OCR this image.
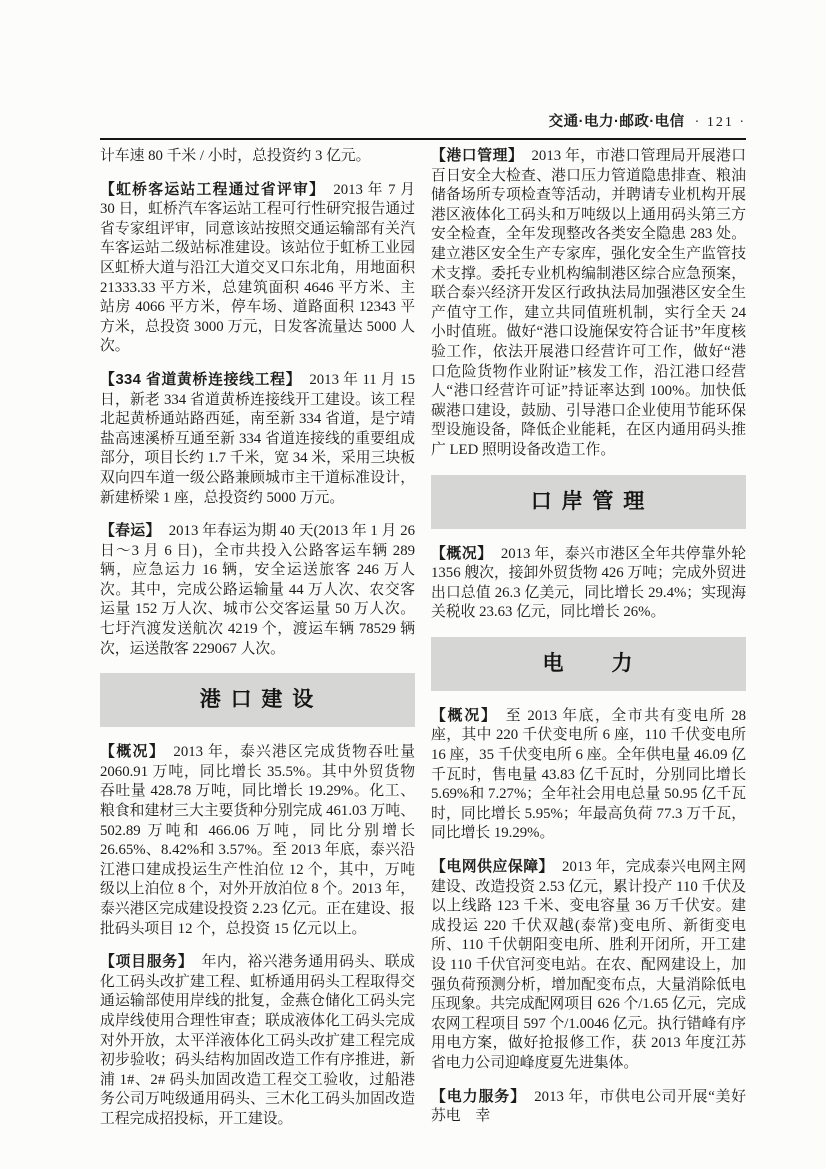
交通·电力·邮政·电信 · 121 ·

计车速 80 千米 / 小时，总投资约 3 亿元。

【虹桥客运站工程通过省评审】 2013 年 7 月 30 日，虹桥汽车客运站工程可行性研究报告通过省专家组评审，同意该站按照交通运输部有关汽车客运站二级站标准建设。该站位于虹桥工业园区虹桥大道与沿江大道交叉口东北角，用地面积 21333.33 平方米，总建筑面积 4646 平方米、主站房 4066 平方米，停车场、道路面积 12343 平方米，总投资 3000 万元，日发客流量达 5000 人次。

【334 省道黄桥连接线工程】 2013 年 11 月 15 日，新老 334 省道黄桥连接线开工建设。该工程北起黄桥通站路西延，南至新 334 省道，是宁靖盐高速溪桥互通至新 334 省道连接线的重要组成部分，项目长约 1.7 千米，宽 34 米，采用三块板双向四车道一级公路兼顾城市主干道标准设计，新建桥梁 1 座，总投资约 5000 万元。

【春运】 2013 年春运为期 40 天(2013 年 1 月 26 日～3 月 6 日)，全市共投入公路客运车辆 289 辆，应急运力 16 辆，安全运送旅客 246 万人次。其中，完成公路运输量 44 万人次、农交客运量 152 万人次、城市公交客运量 50 万人次。七圩汽渡发送航次 4219 个，渡运车辆 78529 辆次，运送散客 229067 人次。

港 口 建 设

【概况】 2013 年，泰兴港区完成货物吞吐量 2060.91 万吨，同比增长 35.5%。其中外贸货物吞吐量 428.78 万吨，同比增长 19.29%。化工、粮食和建材三大主要货种分别完成 461.03 万吨、502.89 万吨和 466.06 万吨，同比分别增长 26.65%、8.42%和 3.57%。至 2013 年底，泰兴沿江港口建成投运生产性泊位 12 个，其中，万吨级以上泊位 8 个，对外开放泊位 8 个。2013 年，泰兴港区完成建设投资 2.23 亿元。正在建设、报批码头项目 12 个，总投资 15 亿元以上。

【项目服务】 年内，裕兴港务通用码头、联成化工码头改扩建工程、虹桥通用码头工程取得交通运输部使用岸线的批复，金燕仓储化工码头完成岸线使用合理性审查；联成液体化工码头完成对外开放，太平洋液体化工码头改扩建工程完成初步验收；码头结构加固改造工作有序推进，新浦 1#、2# 码头加固改造工程交工验收，过船港务公司万吨级通用码头、三木化工码头加固改造工程完成招投标，开工建设。

【港口管理】 2013 年，市港口管理局开展港口百日安全大检查、港口压力管道隐患排查、粮油储备场所专项检查等活动，并聘请专业机构开展港区液体化工码头和万吨级以上通用码头第三方安全检查，全年发现整改各类安全隐患 283 处。建立港区安全生产专家库，强化安全生产监管技术支撑。委托专业机构编制港区综合应急预案，联合泰兴经济开发区行政执法局加强港区安全生产值守工作，建立共同值班机制，实行全天 24 小时值班。做好“港口设施保安符合证书”年度核验工作，依法开展港口经营许可工作，做好“港口危险货物作业附证”核发工作，沿江港口经营人“港口经营许可证”持证率达到 100%。加快低碳港口建设，鼓励、引导港口企业使用节能环保型设施设备，降低企业能耗，在区内通用码头推广 LED 照明设备改造工作。

口 岸 管 理

【概况】 2013 年，泰兴市港区全年共停靠外轮 1356 艘次，接卸外贸货物 426 万吨；完成外贸进出口总值 26.3 亿美元，同比增长 29.4%；实现海关税收 23.63 亿元，同比增长 26%。

电　　力

【概况】 至 2013 年底，全市共有变电所 28 座，其中 220 千伏变电所 6 座，110 千伏变电所 16 座，35 千伏变电所 6 座。全年供电量 46.09 亿千瓦时，售电量 43.83 亿千瓦时，分别同比增长 5.69%和 7.27%；全年社会用电总量 50.95 亿千瓦时，同比增长 5.95%；年最高负荷 77.3 万千瓦，同比增长 19.29%。

【电网供应保障】 2013 年，完成泰兴电网主网建设、改造投资 2.53 亿元，累计投产 110 千伏及以上线路 123 千米、变电容量 36 万千伏安。建成投运 220 千伏双越(泰常)变电所、新街变电所、110 千伏朝阳变电所、胜利开闭所，开工建设 110 千伏官河变电站。在农、配网建设上，加强负荷预测分析，增加配变布点，大量消除低电压现象。共完成配网项目 626 个/1.65 亿元，完成农网工程项目 597 个/1.0046 亿元。执行错峰有序用电方案，做好抢报修工作，获 2013 年度江苏省电力公司迎峰度夏先进集体。

【电力服务】 2013 年，市供电公司开展“美好苏电　幸
